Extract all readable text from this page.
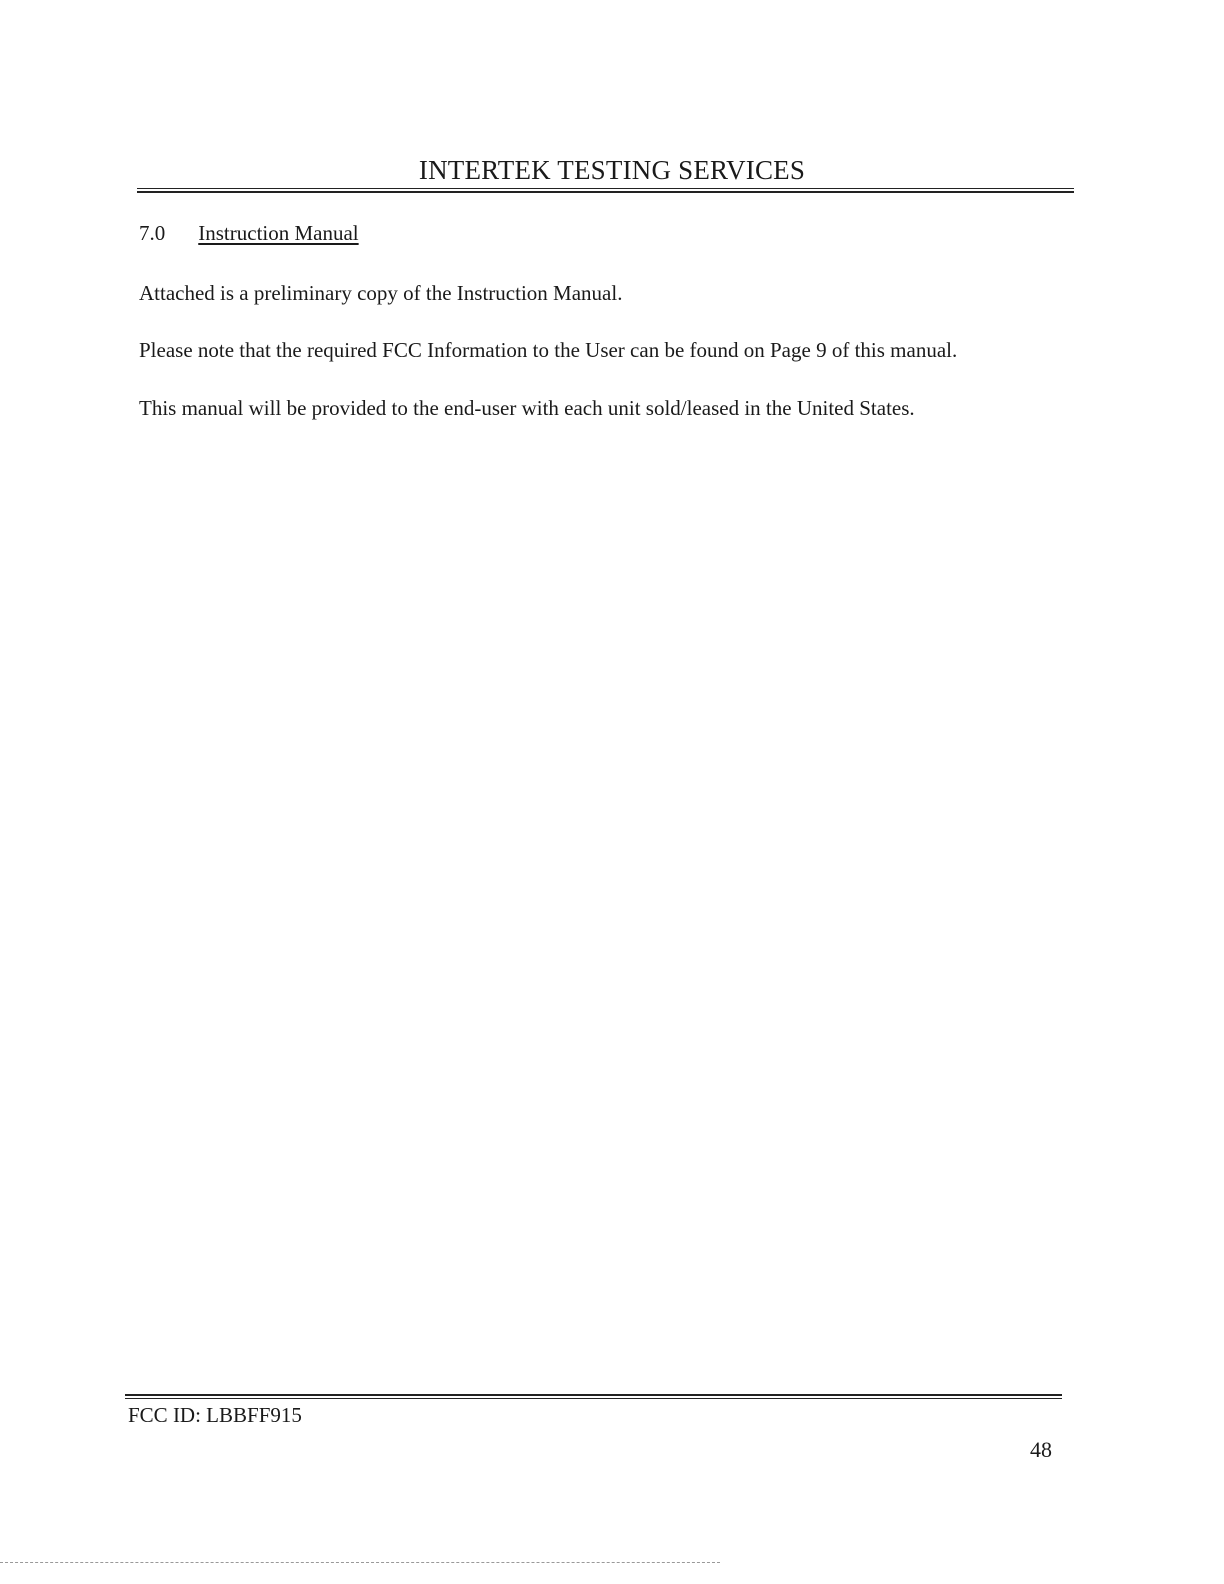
INTERTEK TESTING SERVICES
7.0 Instruction Manual
Attached is a preliminary copy of the Instruction Manual.
Please note that the required FCC Information to the User can be found on Page 9 of this manual.
This manual will be provided to the end-user with each unit sold/leased in the United States.
FCC ID: LBBFF915
48
